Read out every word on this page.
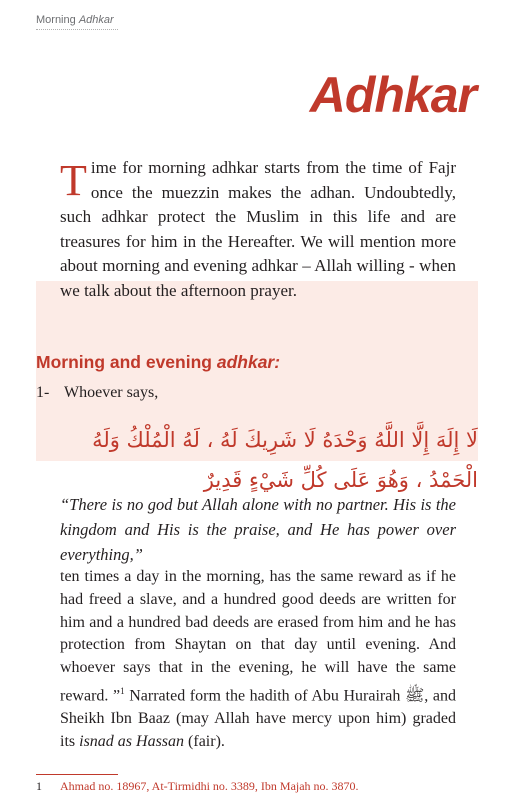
Morning Adhkar
Adhkar

Time for morning adhkar starts from the time of Fajr once the muezzin makes the adhan. Undoubtedly, such adhkar protect the Muslim in this life and are treasures for him in the Hereafter. We will mention more about morning and evening adhkar – Allah willing - when we talk about the afternoon prayer.

Morning and evening adhkar:
1- Whoever says,

لَا إِلَهَ إِلَّا اللَّهُ وَحْدَهُ لَا شَرِيكَ لَهُ ، لَهُ الْمُلْكُ وَلَهُ الْحَمْدُ ، وَهُوَ عَلَى كُلِّ شَيْءٍ قَدِيرٌ

“There is no god but Allah alone with no partner. His is the kingdom and His is the praise, and He has power over everything,”

ten times a day in the morning, has the same reward as if he had freed a slave, and a hundred good deeds are written for him and a hundred bad deeds are erased from him and he has protection from Shaytan on that day until evening. And whoever says that in the evening, he will have the same reward. ”$^1$ Narrated form the hadith of Abu Hurairah ﷺ, and Sheikh Ibn Baaz (may Allah have mercy upon him) graded its isnad as Hassan (fair).

1 Ahmad no. 18967, At-Tirmidhi no. 3389, Ibn Majah no. 3870.
